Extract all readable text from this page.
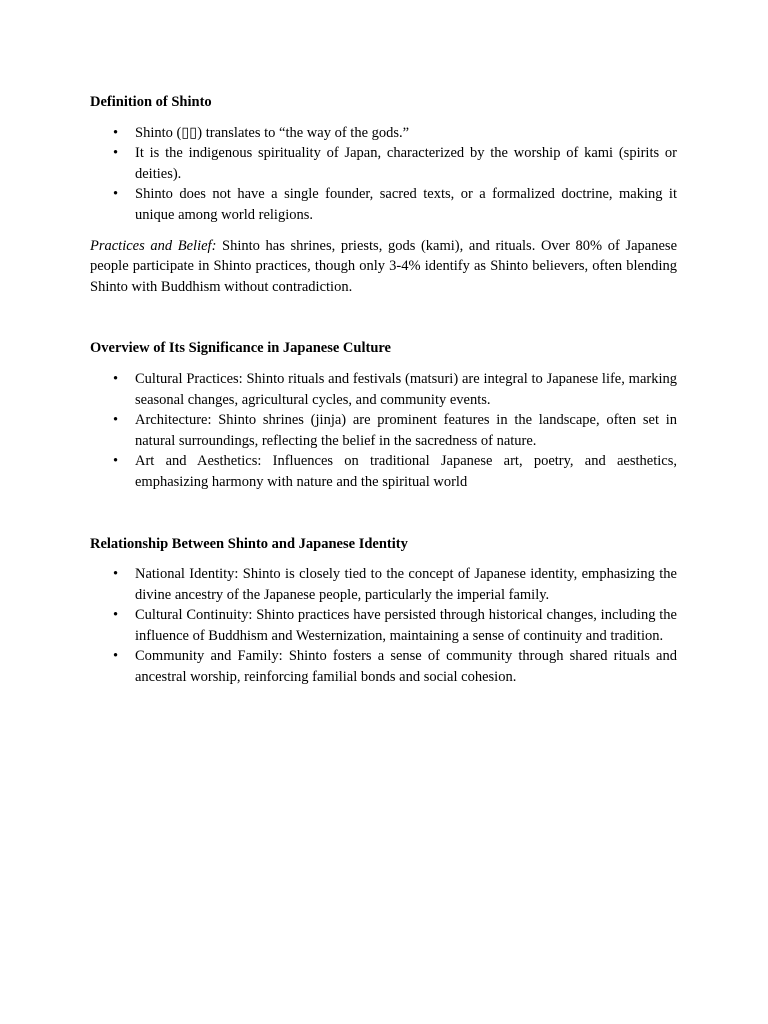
Definition of Shinto

• Shinto (▯▯) translates to “the way of the gods.”
• It is the indigenous spirituality of Japan, characterized by the worship of kami (spirits or deities).
• Shinto does not have a single founder, sacred texts, or a formalized doctrine, making it unique among world religions.

Practices and Belief: Shinto has shrines, priests, gods (kami), and rituals. Over 80% of Japanese people participate in Shinto practices, though only 3-4% identify as Shinto believers, often blending Shinto with Buddhism without contradiction.

Overview of Its Significance in Japanese Culture

• Cultural Practices: Shinto rituals and festivals (matsuri) are integral to Japanese life, marking seasonal changes, agricultural cycles, and community events.
• Architecture: Shinto shrines (jinja) are prominent features in the landscape, often set in natural surroundings, reflecting the belief in the sacredness of nature.
• Art and Aesthetics: Influences on traditional Japanese art, poetry, and aesthetics, emphasizing harmony with nature and the spiritual world

Relationship Between Shinto and Japanese Identity

• National Identity: Shinto is closely tied to the concept of Japanese identity, emphasizing the divine ancestry of the Japanese people, particularly the imperial family.
• Cultural Continuity: Shinto practices have persisted through historical changes, including the influence of Buddhism and Westernization, maintaining a sense of continuity and tradition.
• Community and Family: Shinto fosters a sense of community through shared rituals and ancestral worship, reinforcing familial bonds and social cohesion.
